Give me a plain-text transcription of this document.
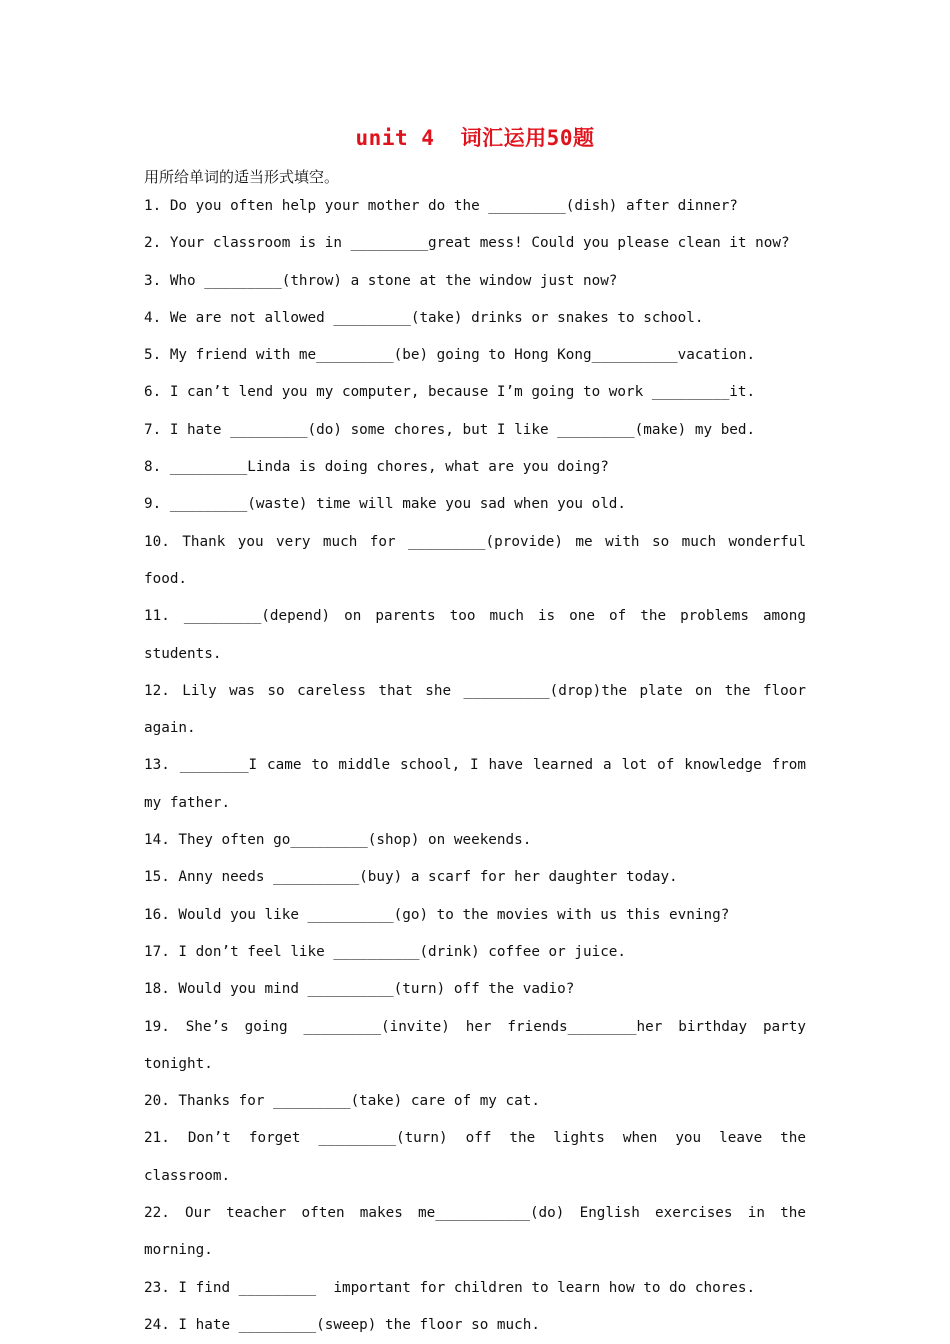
unit 4  词汇运用50题
用所给单词的适当形式填空。
1. Do you often help your mother do the _________(dish) after dinner?
2. Your classroom is in _________great mess! Could you please clean it now?
3. Who _________(throw) a stone at the window just now?
4. We are not allowed _________(take) drinks or snakes to school.
5. My friend with me_________(be) going to Hong Kong__________vacation.
6. I can’t lend you my computer, because I’m going to work _________it.
7. I hate _________(do) some chores, but I like _________(make) my bed.
8. _________Linda is doing chores, what are you doing?
9. _________(waste) time will make you sad when you old.
10. Thank you very much for _________(provide) me with so much wonderful food.
11. _________(depend) on parents too much is one of the problems among students.
12. Lily was so careless that she __________(drop)the plate on the floor again.
13. ________I came to middle school, I have learned a lot of knowledge from my father.
14. They often go_________(shop) on weekends.
15. Anny needs __________(buy) a scarf for her daughter today.
16. Would you like __________(go) to the movies with us this evning?
17. I don’t feel like __________(drink) coffee or juice.
18. Would you mind __________(turn) off the vadio?
19. She’s going _________(invite) her friends________her birthday party tonight.
20. Thanks for _________(take) care of my cat.
21. Don’t forget _________(turn) off the lights when you leave the classroom.
22. Our teacher often makes me___________(do) English exercises in the morning.
23. I find _________  important for children to learn how to do chores.
24. I hate _________(sweep) the floor so much.
